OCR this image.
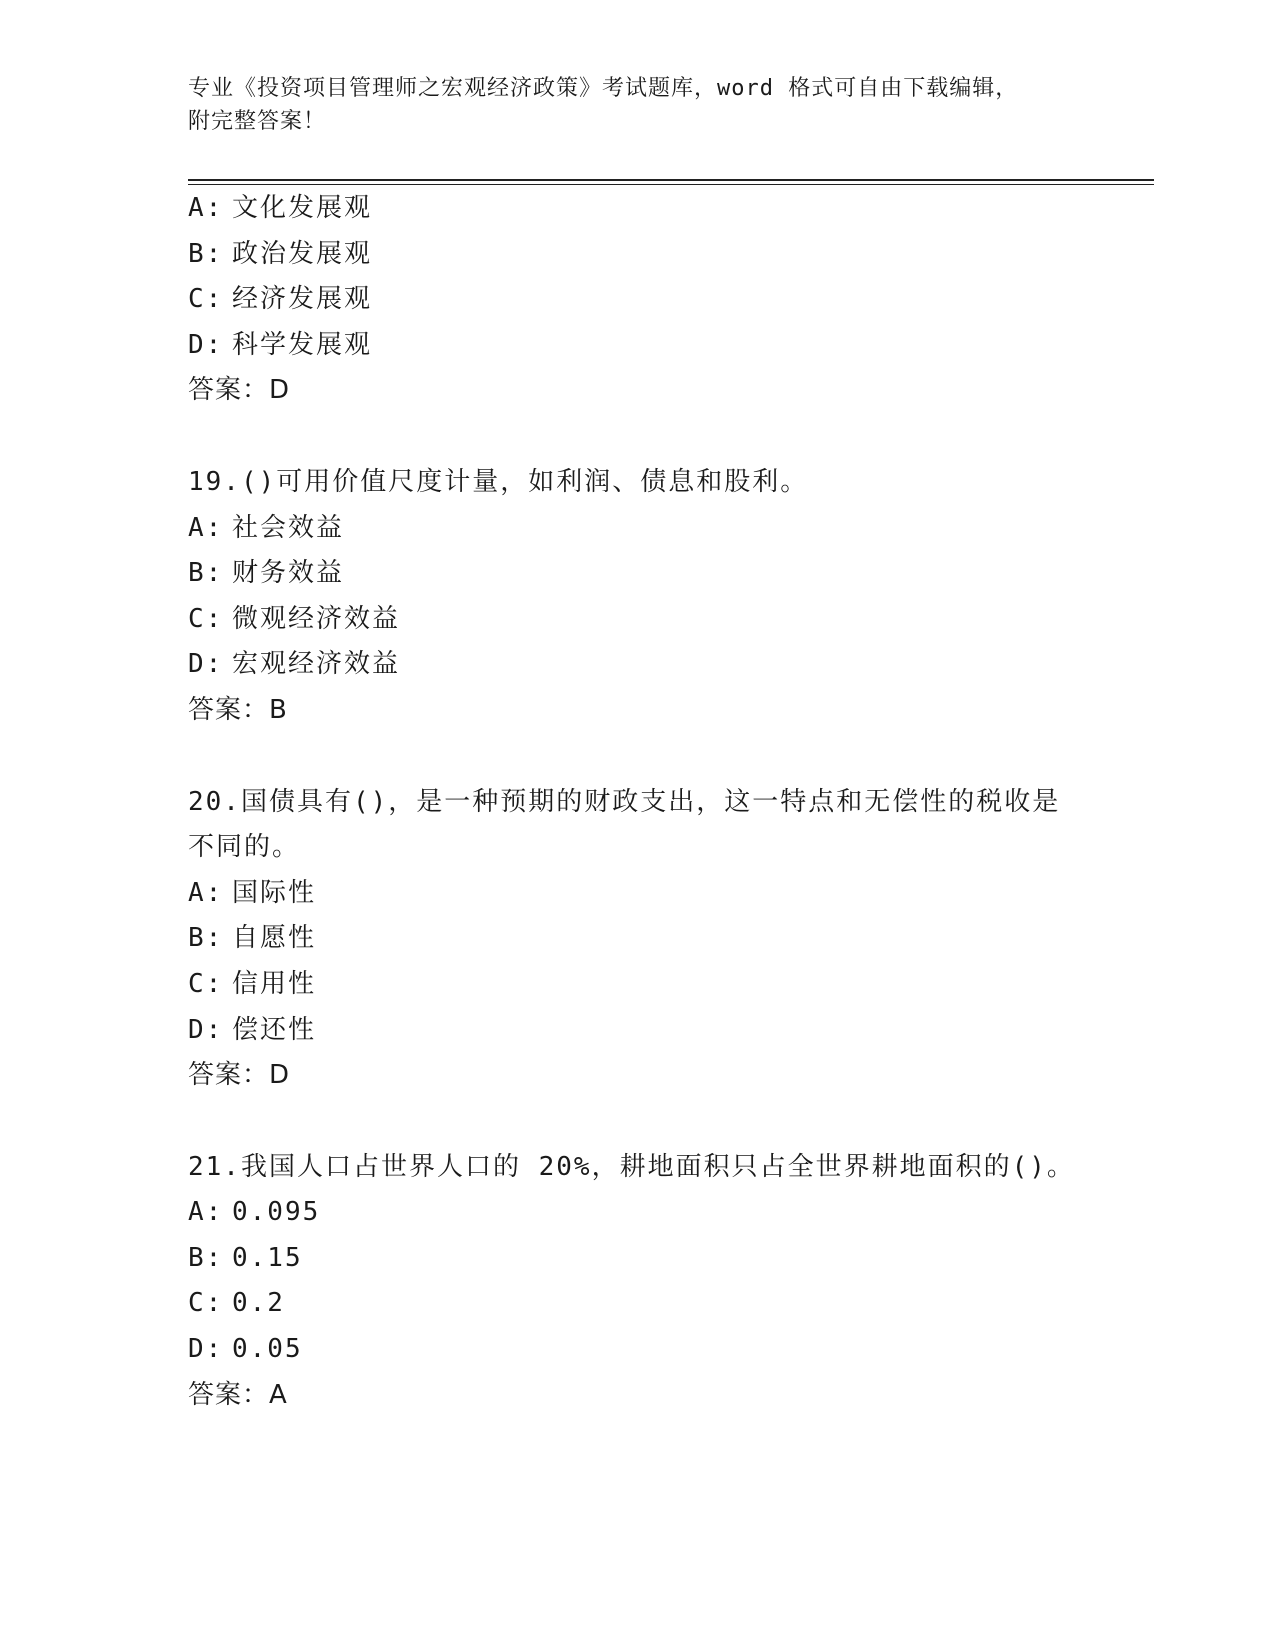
专业《投资项目管理师之宏观经济政策》考试题库，word 格式可自由下载编辑，
附完整答案！
A: 文化发展观
B: 政治发展观
C: 经济发展观
D: 科学发展观
答案：D
19.()可用价值尺度计量，如利润、债息和股利。
A: 社会效益
B: 财务效益
C: 微观经济效益
D: 宏观经济效益
答案：B
20.国债具有()，是一种预期的财政支出，这一特点和无偿性的税收是
不同的。
A: 国际性
B: 自愿性
C: 信用性
D: 偿还性
答案：D
21.我国人口占世界人口的 20%，耕地面积只占全世界耕地面积的()。
A: 0.095
B: 0.15
C: 0.2
D: 0.05
答案：A
